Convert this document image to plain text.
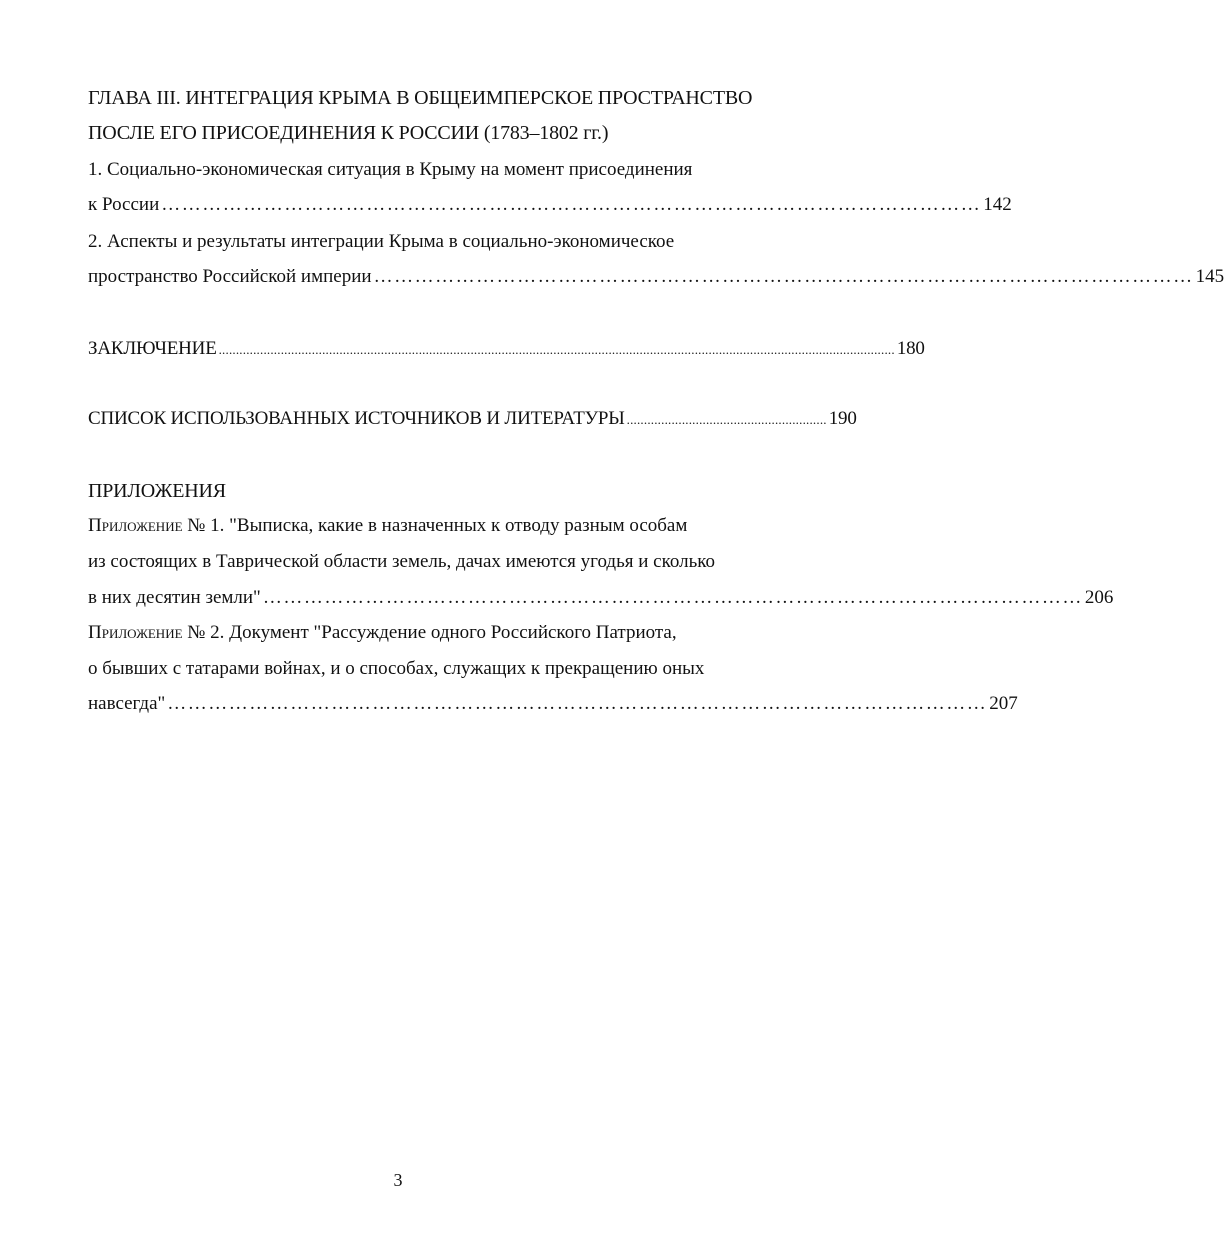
ГЛАВА III. ИНТЕГРАЦИЯ КРЫМА В ОБЩЕИМПЕРСКОЕ ПРОСТРАНСТВО
ПОСЛЕ ЕГО ПРИСОЕДИНЕНИЯ К РОССИИ (1783–1802 гг.)
1. Социально-экономическая ситуация в Крыму на момент присоединения
к России ………………………………………………………………………………………………………… 142
2. Аспекты и результаты интеграции Крыма в социально-экономическое
пространство Российской империи ………………………………………………………………………………………………………… 145
ЗАКЛЮЧЕНИЕ .................................................................................................................................................................................................... 180
СПИСОК ИСПОЛЬЗОВАННЫХ ИСТОЧНИКОВ И ЛИТЕРАТУРЫ .......................................................... 190
ПРИЛОЖЕНИЯ
Приложение № 1. "Выписка, какие в назначенных к отводу разным особам
из состоящих в Таврической области земель, дачах имеются угодья и сколько
в них десятин земли" ………………………………………………………………………………………………………… 206
Приложение № 2. Документ "Рассуждение одного Российского Патриота,
о бывших с татарами войнах, и о способах, служащих к прекращению оных
навсегда" ………………………………………………………………………………………………………… 207
3
